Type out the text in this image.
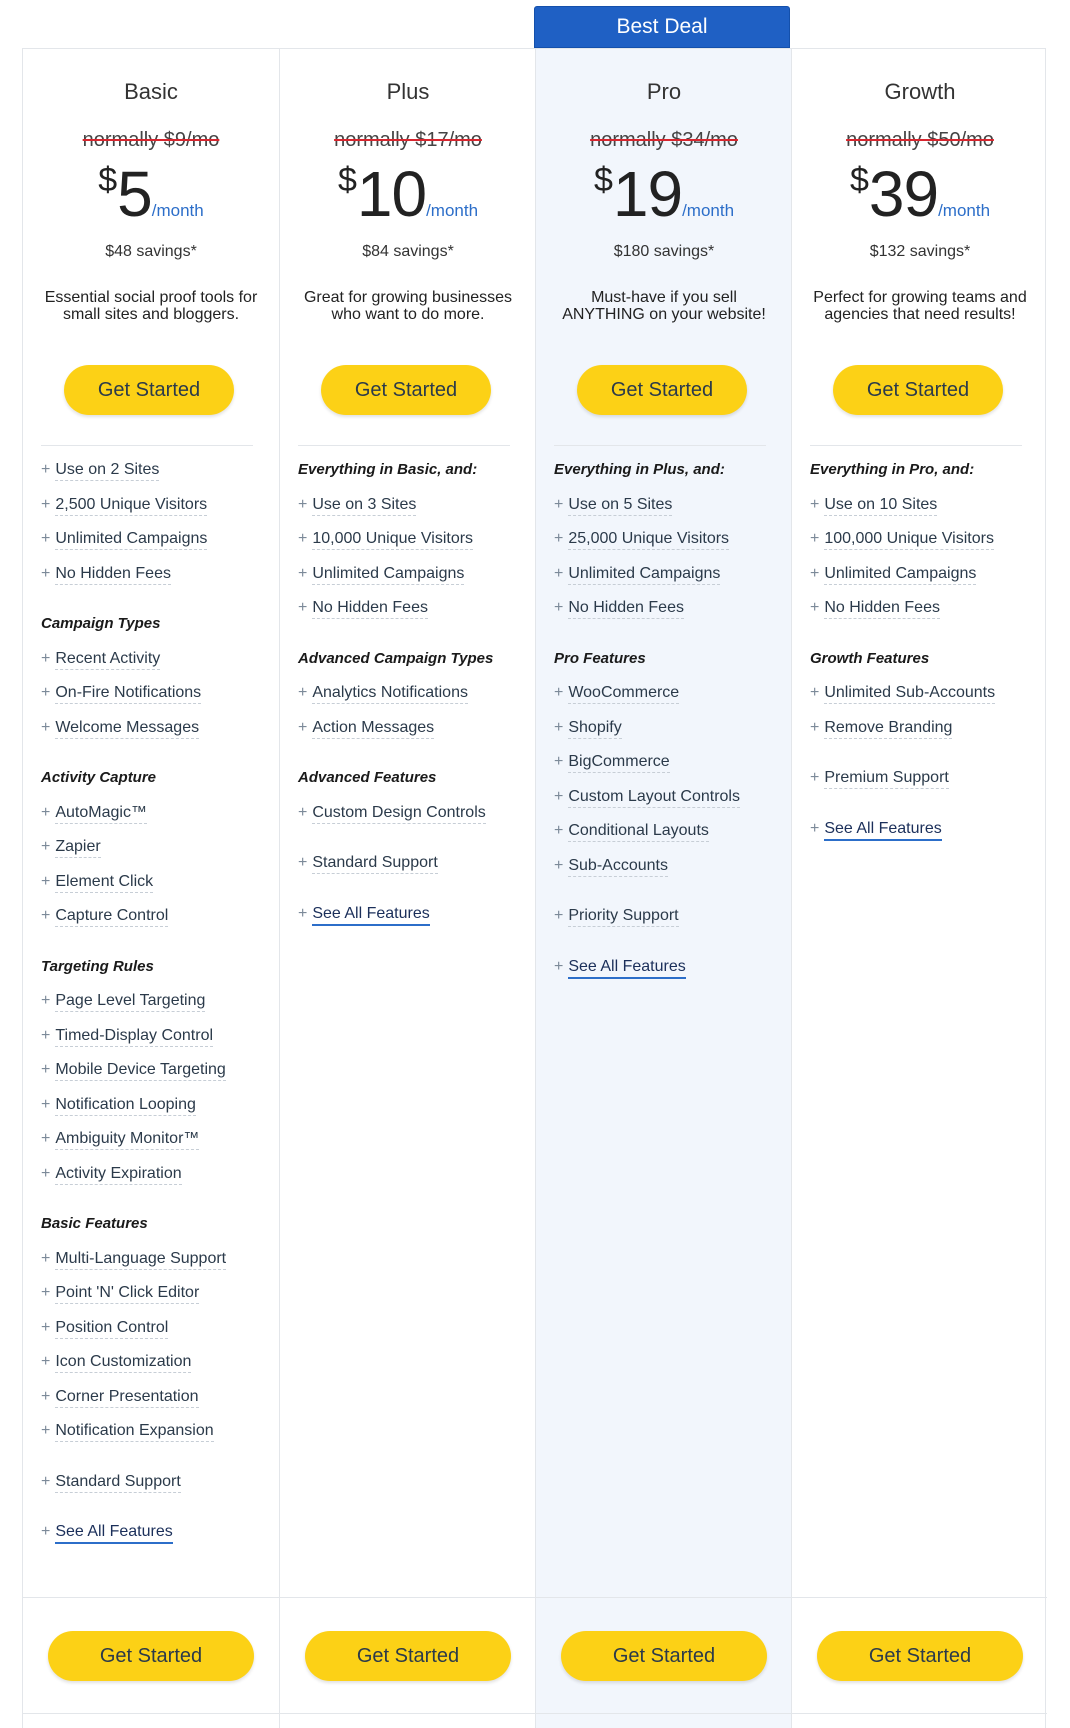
Best Deal
Basic
normally $9/mo
$5/month
$48 savings*
Essential social proof tools for small sites and bloggers.
Get Started
+ Use on 2 Sites
+ 2,500 Unique Visitors
+ Unlimited Campaigns
+ No Hidden Fees
Campaign Types
+ Recent Activity
+ On-Fire Notifications
+ Welcome Messages
Activity Capture
+ AutoMagic™
+ Zapier
+ Element Click
+ Capture Control
Targeting Rules
+ Page Level Targeting
+ Timed-Display Control
+ Mobile Device Targeting
+ Notification Looping
+ Ambiguity Monitor™
+ Activity Expiration
Basic Features
+ Multi-Language Support
+ Point 'N' Click Editor
+ Position Control
+ Icon Customization
+ Corner Presentation
+ Notification Expansion
+ Standard Support
+ See All Features
Get Started
Plus
normally $17/mo
$10/month
$84 savings*
Great for growing businesses who want to do more.
Get Started
Everything in Basic, and:
+ Use on 3 Sites
+ 10,000 Unique Visitors
+ Unlimited Campaigns
+ No Hidden Fees
Advanced Campaign Types
+ Analytics Notifications
+ Action Messages
Advanced Features
+ Custom Design Controls
+ Standard Support
+ See All Features
Get Started
Pro
normally $34/mo
$19/month
$180 savings*
Must-have if you sell ANYTHING on your website!
Get Started
Everything in Plus, and:
+ Use on 5 Sites
+ 25,000 Unique Visitors
+ Unlimited Campaigns
+ No Hidden Fees
Pro Features
+ WooCommerce
+ Shopify
+ BigCommerce
+ Custom Layout Controls
+ Conditional Layouts
+ Sub-Accounts
+ Priority Support
+ See All Features
Get Started
Growth
normally $50/mo
$39/month
$132 savings*
Perfect for growing teams and agencies that need results!
Get Started
Everything in Pro, and:
+ Use on 10 Sites
+ 100,000 Unique Visitors
+ Unlimited Campaigns
+ No Hidden Fees
Growth Features
+ Unlimited Sub-Accounts
+ Remove Branding
+ Premium Support
+ See All Features
Get Started
